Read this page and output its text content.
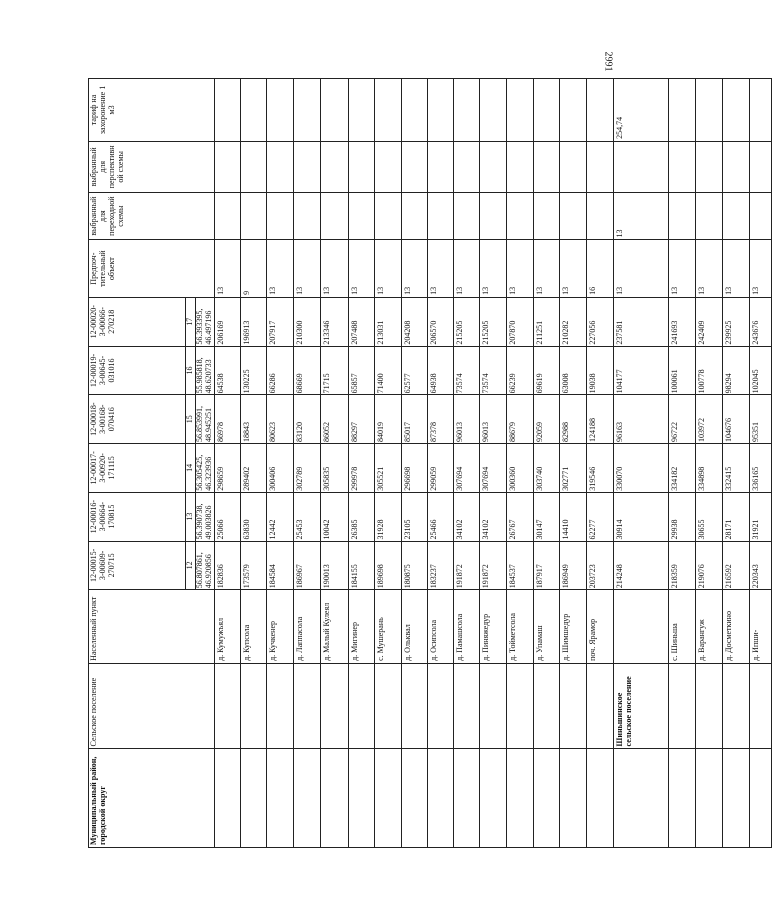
2991
Муниципальный район, городской округ	Сельское поселение	Населенный пункт	12-00015-З-00609-270715	12-00016-З-00664-170815	12-00017-З-00920-171115	12-00018-З-00168-070416	12-00019-З-00645-031016	12-00020-З-00066-270218	Предпоч-тительный объект	выбранный для переходной схемы	выбранный для перспективной схемы	тариф на захоронение 1 м3
			12	13	14	15	16	17				
			56.807861, 46.920856	56.390738, 49.003826	56.305425, 46.323936	56.853991, 48.945251	55.985818, 48.620733	56.393395, 46.497196				
		д. Кумужъял	182836	25066	298659	86978	64538	206169	13			
		д. Купсола	173579	63830	289402	18843	130225	196913	9			
		д. Кучкенер	184584	12442	300406	80623	66286	207917	13			
		д. Лаппасола	186967	25453	302789	83120	68669	210300	13			
		д. Малый Кулеял	190013	10042	305835	86052	71715	213346	13			
		д. Мигинер	184155	26385	299978	88297	65857	207488	13			
		с. Мушерань	189698	31928	305521	84019	71400	213031	13			
		д. Ольквал	180875	23105	296698	85017	62577	204208	13			
		д. Осипсола	183237	25466	299059	87378	64938	206570	13			
		д. Памашсола	191872	34102	307694	96013	73574	215205	13			
		д. Пиняжедур	191872	34102	307694	96013	73574	215205	13			
		д. Тойметсола	184537	26767	300360	88679	66239	207870	13			
		д. Упамаш	187917	30147	303740	92059	69619	211251	13			
		д. Шимшедур	186949	14410	302771	82988	63008	210282	13			
		поч. Ярамор	203723	62277	319546	124188	19038	227056	16			
	Шиньшинское сельское поселение		214248	30914	330070	96163	104177	237581	13	13		254,74
		с. Шиньша	218359	29938	334182	96722	100061	241693	13			
		д. Варангуж	219076	30655	334898	103972	100778	242409	13			
		д. Досметкино	216592	28171	332415	104676	98294	239925	13			
		д. Ипши-	220343	31921	336165	95351	102045	243676	13			
